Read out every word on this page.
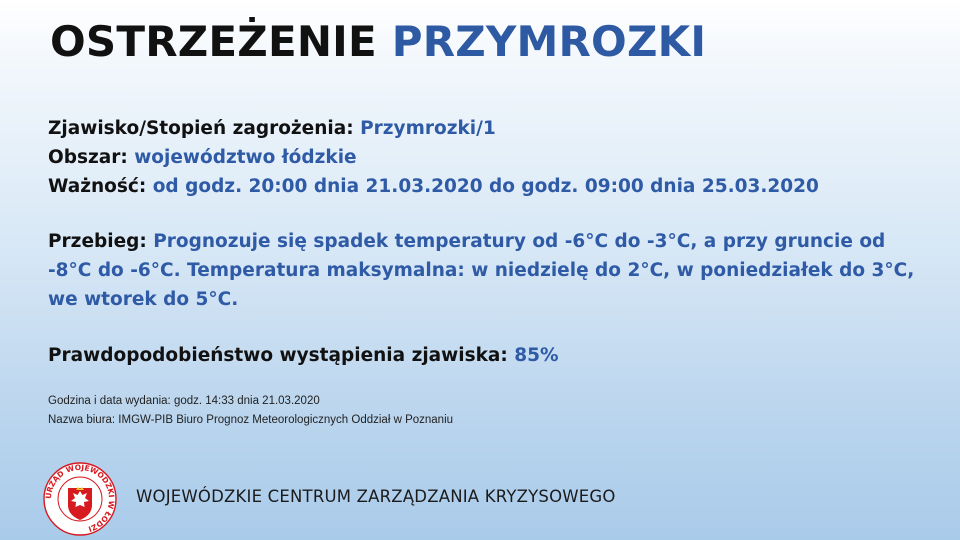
OSTRZEŻENIE PRZYMROZKI
Zjawisko/Stopień zagrożenia: Przymrozki/1
Obszar: województwo łódzkie
Ważność: od godz. 20:00 dnia 21.03.2020 do godz. 09:00 dnia 25.03.2020
Przebieg: Prognozuje się spadek temperatury od -6°C do -3°C, a przy gruncie od -8°C do -6°C. Temperatura maksymalna: w niedzielę do 2°C, w poniedziałek do 3°C, we wtorek do 5°C.
Prawdopodobieństwo wystąpienia zjawiska: 85%
Godzina i data wydania: godz. 14:33 dnia 21.03.2020
Nazwa biura: IMGW-PIB Biuro Prognoz Meteorologicznych Oddział w Poznaniu
URZĄD WOJEWÓDZKI W ŁODZI
WOJEWÓDZKIE CENTRUM ZARZĄDZANIA KRYZYSOWEGO
